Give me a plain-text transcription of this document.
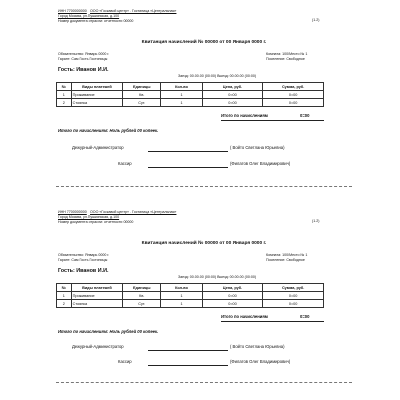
ИНН 7700000000 ООО «Госкавой центр» . Гостиница «Центральная»
Город Москва, ул.Пушкинская, д.100
Номер документа отрасли: отчетности 00000	(1.2)
Квитанция начислений № 00000 от 00 Января 0000 г.
Обязательство: Январь 0000 г.
Гарант: Сам Гость Гостиницы
Комната: 100/Место № 1
Поселение: Свободное
Гость: Иванов И.И.
Заезд: 00.00.00 (00:00) Выезд: 00.00.00 (00:00)
№	Виды платежей	Единицы	Кол-во	Цена, руб.	Сумма, руб.
1	Проживание	Кв.	1	0=00	0=00
2	Стоянка	Сут.	1	0=00	0=00
Итого по начислениям	0=00
Итого по начислениям: Ноль рублей 00 копеек.
Дежурный-Администратор	( Войто Светлана Юрьевна)
Кассир	(Филатов Олег Владимирович)
ИНН 7700000000 ООО «Госкавой центр» . Гостиница «Центральная»
Город Москва, ул.Пушкинская, д.100
Номер документа отрасли: отчетности 00000	(1.2)
Квитанция начислений № 00000 от 00 Января 0000 г.
Обязательство: Январь 0000 г.
Гарант: Сам Гость Гостиницы
Комната: 100/Место № 1
Поселение: Свободное
Гость: Иванов И.И.
Заезд: 00.00.00 (00:00) Выезд: 00.00.00 (00:00)
№	Виды платежей	Единицы	Кол-во	Цена, руб.	Сумма, руб.
1	Проживание	Кв.	1	0=00	0=00
2	Стоянка	Сут.	1	0=00	0=00
Итого по начислениям	0=00
Итого по начислениям: Ноль рублей 00 копеек.
Дежурный-Администратор	( Войто Светлана Юрьевна)
Кассир	(Филатов Олег Владимирович)
